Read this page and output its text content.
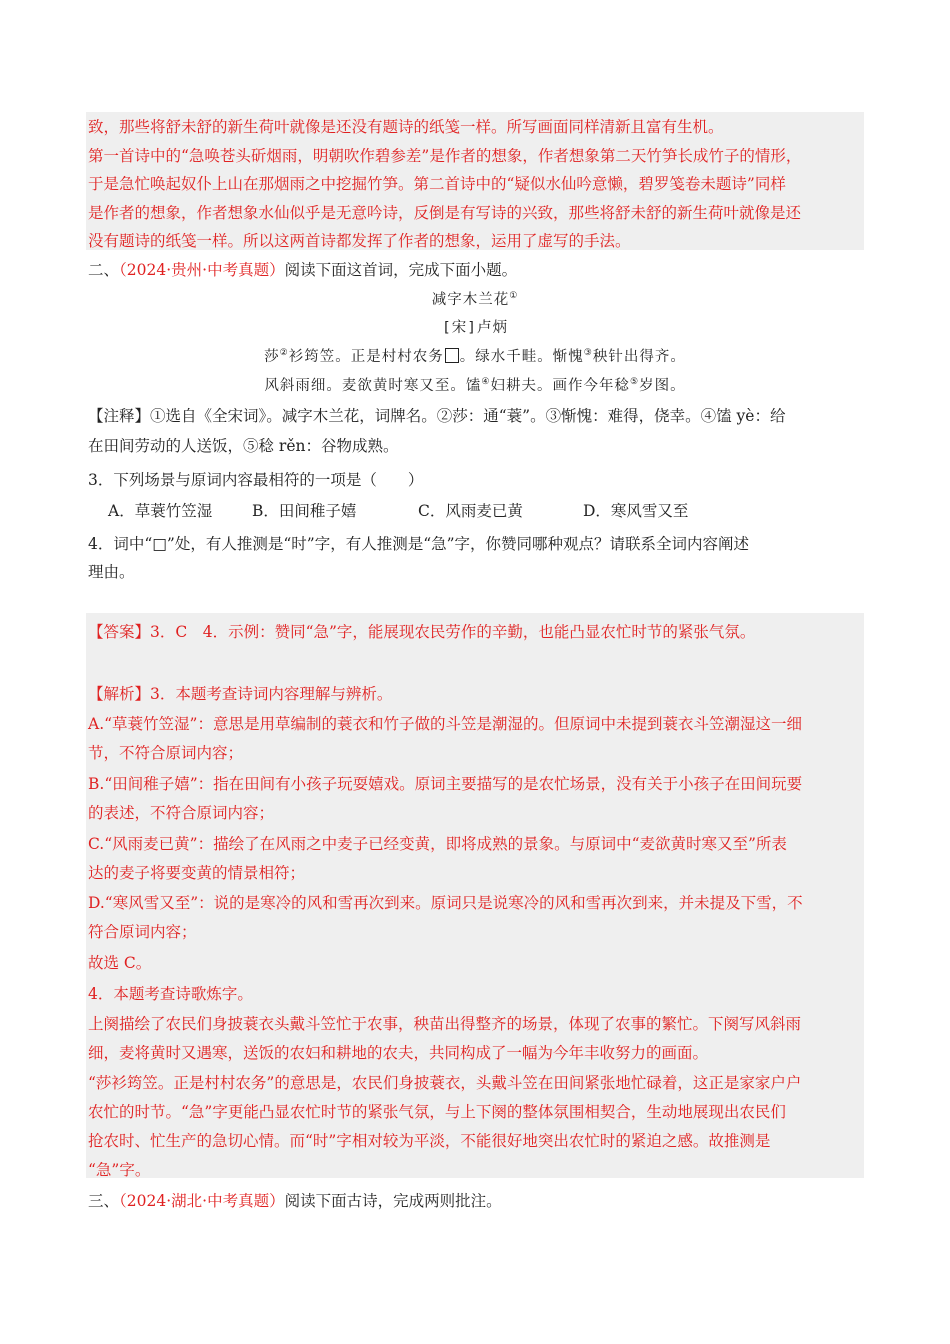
致，那些将舒未舒的新生荷叶就像是还没有题诗的纸笺一样。所写画面同样清新且富有生机。
第一首诗中的“急唤苍头斫烟雨，明朝吹作碧参差”是作者的想象，作者想象第二天竹笋长成竹子的情形，
于是急忙唤起奴仆上山在那烟雨之中挖掘竹笋。第二首诗中的“疑似水仙吟意懒，碧罗笺卷未题诗”同样
是作者的想象，作者想象水仙似乎是无意吟诗，反倒是有写诗的兴致，那些将舒未舒的新生荷叶就像是还
没有题诗的纸笺一样。所以这两首诗都发挥了作者的想象，运用了虚写的手法。
二、（2024·贵州·中考真题）阅读下面这首词，完成下面小题。
减字木兰花①
[宋]卢炳
莎②衫筠笠。正是村村农务 。绿水千畦。惭愧③秧针出得齐。
风斜雨细。麦欲黄时寒又至。馌④妇耕夫。画作今年稔⑤岁图。
【注释】①选自《全宋词》。减字木兰花，词牌名。②莎：通“蓑”。③惭愧：难得，侥幸。④馌 yè：给
在田间劳动的人送饭，⑤稔 rěn：谷物成熟。
3．下列场景与原词内容最相符的一项是（　　）
A．草蓑竹笠湿	B．田间稚子嬉	C．风雨麦已黄	D．寒风雪又至
4．词中“□”处，有人推测是“时”字，有人推测是“急”字，你赞同哪种观点？请联系全词内容阐述
理由。
【答案】3．C　4．示例：赞同“急”字，能展现农民劳作的辛勤，也能凸显农忙时节的紧张气氛。
【解析】3．本题考查诗词内容理解与辨析。
A.“草蓑竹笠湿”：意思是用草编制的蓑衣和竹子做的斗笠是潮湿的。但原词中未提到蓑衣斗笠潮湿这一细
节，不符合原词内容；
B.“田间稚子嬉”：指在田间有小孩子玩耍嬉戏。原词主要描写的是农忙场景，没有关于小孩子在田间玩要
的表述，不符合原词内容；
C.“风雨麦已黄”：描绘了在风雨之中麦子已经变黄，即将成熟的景象。与原词中“麦欲黄时寒又至”所表
达的麦子将要变黄的情景相符；
D.“寒风雪又至”：说的是寒冷的风和雪再次到来。原词只是说寒冷的风和雪再次到来，并未提及下雪，不
符合原词内容；
故选 C。
4．本题考查诗歌炼字。
上阕描绘了农民们身披蓑衣头戴斗笠忙于农事，秧苗出得整齐的场景，体现了农事的繁忙。下阕写风斜雨
细，麦将黄时又遇寒，送饭的农妇和耕地的农夫，共同构成了一幅为今年丰收努力的画面。
“莎衫筠笠。正是村村农务”的意思是，农民们身披蓑衣，头戴斗笠在田间紧张地忙碌着，这正是家家户户
农忙的时节。“急”字更能凸显农忙时节的紧张气氛，与上下阕的整体氛围相契合，生动地展现出农民们
抢农时、忙生产的急切心情。而“时”字相对较为平淡，不能很好地突出农忙时的紧迫之感。故推测是
“急”字。
三、（2024·湖北·中考真题）阅读下面古诗，完成两则批注。
